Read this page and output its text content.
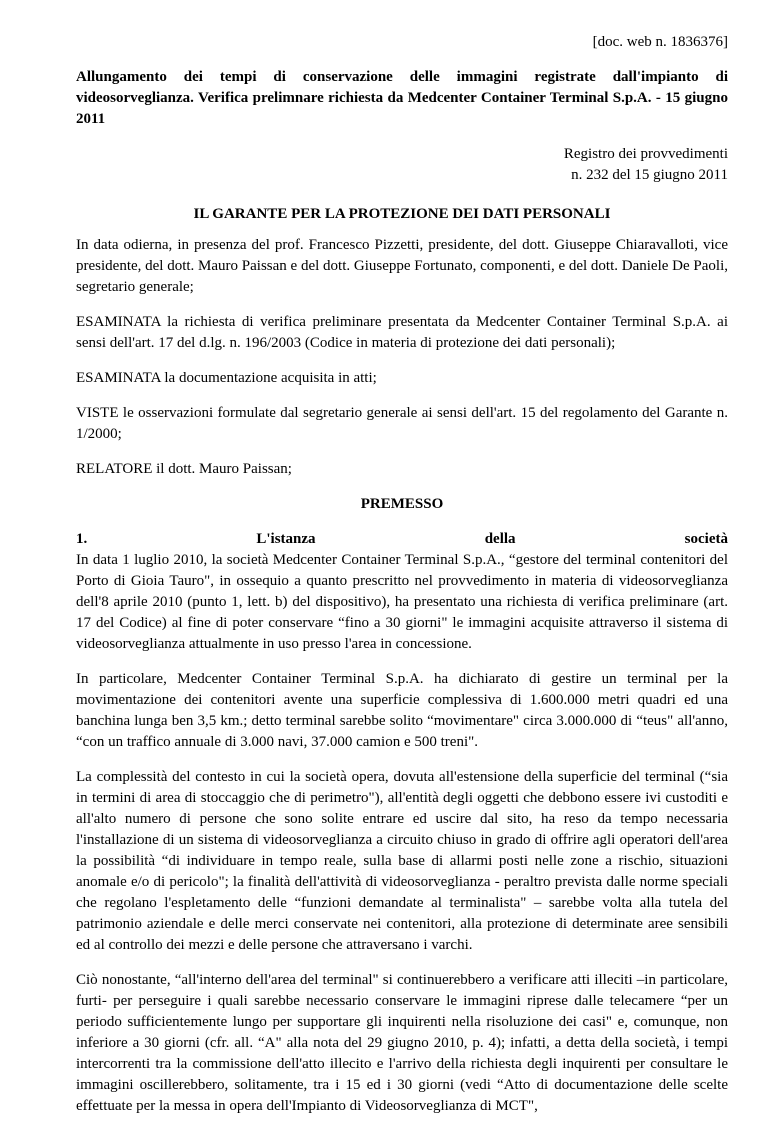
[doc. web n. 1836376]
Allungamento dei tempi di conservazione delle immagini registrate dall'impianto di videosorveglianza. Verifica prelimnare richiesta da Medcenter Container Terminal S.p.A. - 15 giugno 2011
Registro dei provvedimenti
n. 232 del 15 giugno 2011
IL GARANTE PER LA PROTEZIONE DEI DATI PERSONALI

In data odierna, in presenza del prof. Francesco Pizzetti, presidente, del dott. Giuseppe Chiaravalloti, vice presidente, del dott. Mauro Paissan e del dott. Giuseppe Fortunato, componenti, e del dott. Daniele De Paoli, segretario generale;

ESAMINATA la richiesta di verifica preliminare presentata da Medcenter Container Terminal S.p.A. ai sensi dell'art. 17 del d.lg. n. 196/2003 (Codice in materia di protezione dei dati personali);

ESAMINATA la documentazione acquisita in atti;

VISTE le osservazioni formulate dal segretario generale ai sensi dell'art. 15 del regolamento del Garante n. 1/2000;

RELATORE il dott. Mauro Paissan;

PREMESSO
1.	L'istanza	della	società

In data 1 luglio 2010, la società Medcenter Container Terminal S.p.A., “gestore del terminal contenitori del Porto di Gioia Tauro", in ossequio a quanto prescritto nel provvedimento in materia di videosorveglianza dell'8 aprile 2010 (punto 1, lett. b) del dispositivo), ha presentato una richiesta di verifica preliminare (art. 17 del Codice) al fine di poter conservare “fino a 30 giorni" le immagini acquisite attraverso il sistema di videosorveglianza attualmente in uso presso l'area in concessione.

In particolare, Medcenter Container Terminal S.p.A. ha dichiarato di gestire un terminal per la movimentazione dei contenitori avente una superficie complessiva di 1.600.000 metri quadri ed una banchina lunga ben 3,5 km.; detto terminal sarebbe solito “movimentare" circa 3.000.000 di “teus" all'anno, “con un traffico annuale di 3.000 navi, 37.000 camion e 500 treni".

La complessità del contesto in cui la società opera, dovuta all'estensione della superficie del terminal (“sia in termini di area di stoccaggio che di perimetro"), all'entità degli oggetti che debbono essere ivi custoditi e all'alto numero di persone che sono solite entrare ed uscire dal sito, ha reso da tempo necessaria l'installazione di un sistema di videosorveglianza a circuito chiuso in grado di offrire agli operatori dell'area la possibilità “di individuare in tempo reale, sulla base di allarmi posti nelle zone a rischio, situazioni anomale e/o di pericolo"; la finalità dell'attività di videosorveglianza - peraltro prevista dalle norme speciali che regolano l'espletamento delle “funzioni demandate al terminalista" – sarebbe volta alla tutela del patrimonio aziendale e delle merci conservate nei contenitori, alla protezione di determinate aree sensibili ed al controllo dei mezzi e delle persone che attraversano i varchi.

Ciò nonostante, “all'interno dell'area del terminal" si continuerebbero a verificare atti illeciti –in particolare, furti- per perseguire i quali sarebbe necessario conservare le immagini riprese dalle telecamere “per un periodo sufficientemente lungo per supportare gli inquirenti nella risoluzione dei casi" e, comunque, non inferiore a 30 giorni (cfr. all. “A" alla nota del 29 giugno 2010, p. 4); infatti, a detta della società, i tempi intercorrenti tra la commissione dell'atto illecito e l'arrivo della richiesta degli inquirenti per consultare le immagini oscillerebbero, solitamente, tra i 15 ed i 30 giorni (vedi “Atto di documentazione delle scelte effettuate per la messa in opera dell'Impianto di Videosorveglianza di MCT",
